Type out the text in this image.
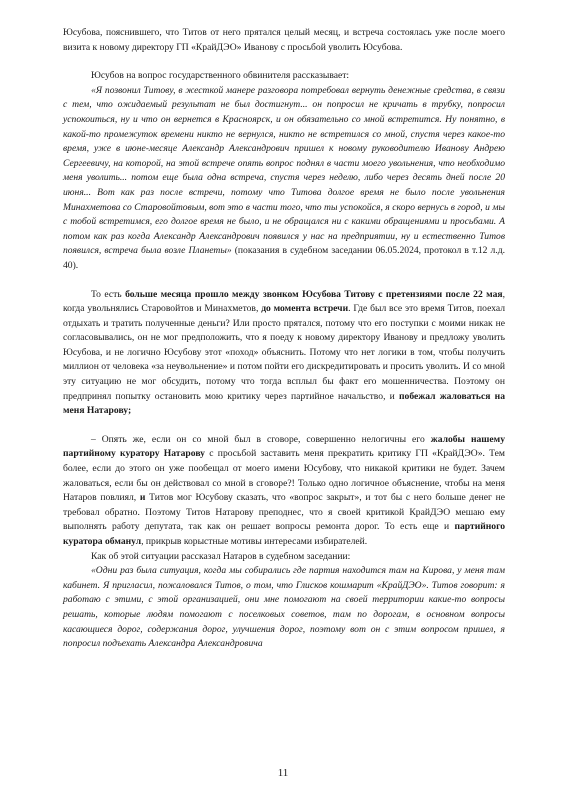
Юсубова, пояснившего, что Титов от него прятался целый месяц, и встреча состоялась уже после моего визита к новому директору ГП «КрайДЭО» Иванову с просьбой уволить Юсубова.

Юсубов на вопрос государственного обвинителя рассказывает:

«Я позвонил Титову, в жесткой манере разговора потребовал вернуть денежные средства, в связи с тем, что ожидаемый результат не был достигнут... он попросил не кричать в трубку, попросил успокоиться, ну и что он вернется в Красноярск, и он обязательно со мной встретится. Ну понятно, в какой-то промежуток времени никто не вернулся, никто не встретился со мной, спустя через какое-то время, уже в июне-месяце Александр Александрович пришел к новому руководителю Ивановy Андрею Сергеевичу, на которой, на этой встрече опять вопрос поднял в части моего увольнения, что необходимо меня уволить... потом еще была одна встреча, спустя через неделю, либо через десять дней после 20 июня... Вот как раз после встречи, потому что Титова долгое время не было после увольнения Минахметова со Старовойтовым, вот это в части того, что ты успокойся, я скоро вернусь в город, и мы с тобой встретимся, его долгое время не было, и не обращался ни с какими обращениями и просьбами. А потом как раз когда Александр Александрович появился у нас на предприятии, ну и естественно Титов появился, встреча была возле Планеты» (показания в судебном заседании 06.05.2024, протокол в т.12 л.д. 40).

То есть больше месяца прошло между звонком Юсубова Титову с претензиями после 22 мая, когда увольнялись Старовойтов и Минахметов, до момента встречи. Где был все это время Титов, поехал отдыхать и тратить полученные деньги? Или просто прятался, потому что его поступки с моими никак не согласовывались, он не мог предположить, что я поеду к новому директору Иванову и предложу уволить Юсубова, и не логично Юсубову этот «поход» объяснить. Потому что нет логики в том, чтобы получить миллион от человека «за неувольнение» и потом пойти его дискредитировать и просить уволить. И со мной эту ситуацию не мог обсудить, потому что тогда всплыл бы факт его мошенничества. Поэтому он предпринял попытку остановить мою критику через партийное начальство, и побежал жаловаться на меня Натарову;

– Опять же, если он со мной был в сговоре, совершенно нелогичны его жалобы нашему партийному куратору Натарову с просьбой заставить меня прекратить критику ГП «КрайДЭО». Тем более, если до этого он уже пообещал от моего имени Юсубову, что никакой критики не будет. Зачем жаловаться, если бы он действовал со мной в сговоре?! Только одно логичное объяснение, чтобы на меня Натаров повлиял, и Титов мог Юсубову сказать, что «вопрос закрыт», и тот бы с него больше денег не требовал обратно. Поэтому Титов Натарову преподнес, что я своей критикой КрайДЭО мешаю ему выполнять работу депутата, так как он решает вопросы ремонта дорог. То есть еще и партийного куратора обманул, прикрыв корыстные мотивы интересами избирателей.

Как об этой ситуации рассказал Натаров в судебном заседании:

«Одни раз была ситуация, когда мы собирались где партия находится там на Кирова, у меня там кабинет. Я пригласил, пожаловался Титов, о том, что Глисков кошмарит «КрайДЭО». Титов говорит: я работаю с этими, с этой организацией, они мне помогают на своей территории какие-то вопросы решать, которые людям помогают с поселковых советов, там по дорогам, в основном вопросы касающиеся дорог, содержания дорог, улучшения дорог, поэтому вот он с этим вопросом пришел, я попросил подъехать Александра Александровича

11
